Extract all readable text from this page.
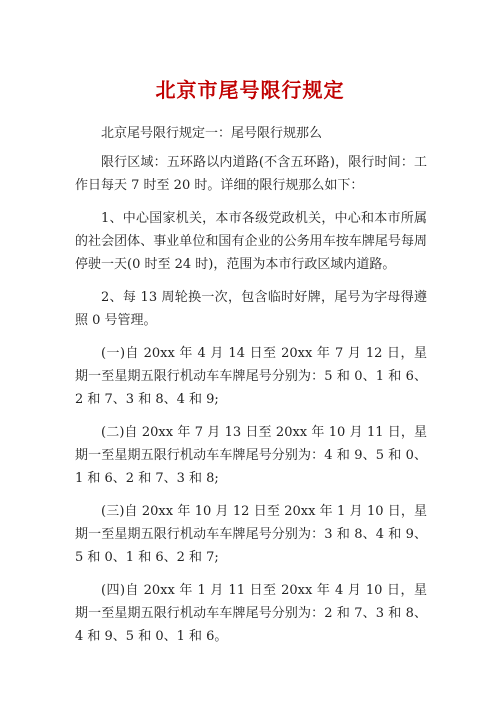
北京市尾号限行规定

北京尾号限行规定一：尾号限行规那么

限行区域：五环路以内道路(不含五环路)，限行时间：工作日每天 7 时至 20 时。详细的限行规那么如下：

1、中心国家机关，本市各级党政机关，中心和本市所属的社会团体、事业单位和国有企业的公务用车按车牌尾号每周停驶一天(0 时至 24 时)，范围为本市行政区域内道路。

2、每 13 周轮换一次，包含临时好牌，尾号为字母得遵照 0 号管理。

(一)自 20xx 年 4 月 14 日至 20xx 年 7 月 12 日，星期一至星期五限行机动车车牌尾号分别为：5 和 0、1 和 6、2 和 7、3 和 8、4 和 9;

(二)自 20xx 年 7 月 13 日至 20xx 年 10 月 11 日，星期一至星期五限行机动车车牌尾号分别为：4 和 9、5 和 0、1 和 6、2 和 7、3 和 8;

(三)自 20xx 年 10 月 12 日至 20xx 年 1 月 10 日，星期一至星期五限行机动车车牌尾号分别为：3 和 8、4 和 9、5 和 0、1 和 6、2 和 7;

(四)自 20xx 年 1 月 11 日至 20xx 年 4 月 10 日，星期一至星期五限行机动车车牌尾号分别为：2 和 7、3 和 8、4 和 9、5 和 0、1 和 6。
